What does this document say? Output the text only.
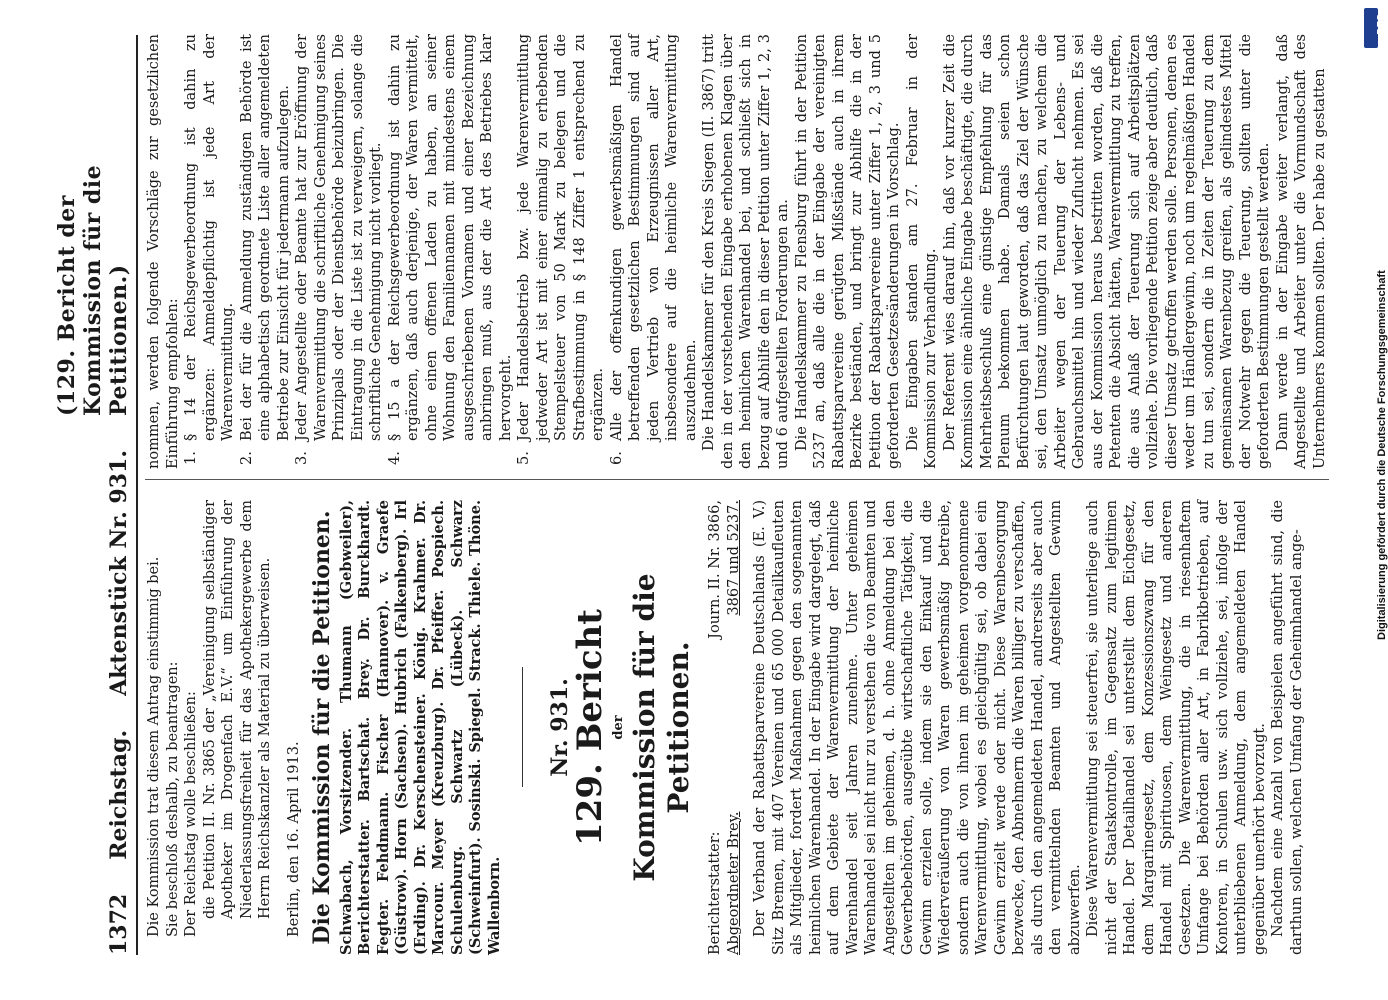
1372
Reichstag.
Aktenstück Nr. 931.
(129. Bericht der Kommission für die Petitionen.)

Die Kommission trat diesem Antrag einstimmig bei. Sie beschloß deshalb, zu beantragen: Der Reichstag wolle beschließen: die Petition II. Nr. 3865 der „Vereinigung selbständiger Apotheker im Drogenfach E.V.“ um Einführung der Niederlassungsfreiheit für das Apothekergewerbe dem Herrn Reichskanzler als Material zu überweisen. Berlin, den 16. April 1913. Die Kommission für die Petitionen. Schwabach, Vorsitzender. Thumann (Gebweiler), Berichterstatter. Bartschat. Brey. Dr. Burckhardt. Fegter. Fehdmann. Fischer (Hannover). v. Graefe (Güstrow). Horn (Sachsen). Hubrich (Falkenberg). Irl (Erding). Dr. Kerschensteiner. König. Krahmer. Dr. Marcour. Meyer (Kreuzburg). Dr. Pfeiffer. Pospiech. Schulenburg. Schwartz (Lübeck). Schwarz (Schweinfurt). Sosinski. Spiegel. Strack. Thiele. Thöne. Wallenborn.

Nr. 931.
129. Bericht der Kommission für die Petitionen.
Berichterstatter: Abgeordneter Brey.
Journ. II. Nr. 3866, 3867 und 5237. Der Verband der Rabattsparvereine Deutschlands (E. V.) Sitz Bremen, mit 407 Vereinen und 65 000 Detailkaufleuten als Mitglieder, fordert Maßnahmen gegen den sogenannten heimlichen Warenhandel. In der Eingabe wird dargelegt, daß auf dem Gebiete der Warenvermittlung der heimliche Warenhandel seit Jahren zunehme. Unter geheimen Warenhandel sei nicht nur zu verstehen die von Beamten und Angestellten im geheimen, d. h. ohne Anmeldung bei den Gewerbebehörden, ausgeübte wirtschaftliche Tätigkeit, die Gewinn erzielen solle, indem sie den Einkauf und die Wiederveräußerung von Waren gewerbsmäßig betreibe, sondern auch die von ihnen im geheimen vorgenommene Warenvermittlung, wobei es gleichgültig sei, ob dabei ein Gewinn erzielt werde oder nicht. Diese Warenbesorgung bezwecke, den Abnehmern die Waren billiger zu verschaffen, als durch den angemeldeten Handel, andrerseits aber auch den vermittelnden Beamten und Angestellten Gewinn abzuwerfen. Diese Warenvermittlung sei steuerfrei, sie unterliege auch nicht der Staatskontrolle, im Gegensatz zum legitimen Handel. Der Detailhandel sei unterstellt dem Eichgesetz, dem Margarinegesetz, dem Konzessionszwang für den Handel mit Spirituosen, dem Weingesetz und anderen Gesetzen. Die Warenvermittlung, die in riesenhaftem Umfange bei Behörden aller Art, in Fabrikbetrieben, auf Kontoren, in Schulen usw. sich vollziehe, sei, infolge der unterbliebenen Anmeldung, dem angemeldeten Handel gegenüber unerhört bevorzugt. Nachdem eine Anzahl von Beispielen angeführt sind, die darthun sollen, welchen Umfang der Geheimhandel ange-

nommen, werden folgende Vorschläge zur gesetzlichen Einführung empfohlen: 1.
§ 14 der Reichsgewerbeordnung ist dahin zu ergänzen: Anmeldepflichtig ist jede Art der Warenvermittlung.
2.
Bei der für die Anmeldung zuständigen Behörde ist eine alphabetisch geordnete Liste aller angemeldeten Betriebe zur Einsicht für jedermann aufzulegen.
3.
Jeder Angestellte oder Beamte hat zur Eröffnung der Warenvermittlung die schriftliche Genehmigung seines Prinzipals oder der Dienstbehörde beizubringen. Die Eintragung in die Liste ist zu verweigern, solange die schriftliche Genehmigung nicht vorliegt.
4.
§ 15 a der Reichsgewerbeordnung ist dahin zu ergänzen, daß auch derjenige, der Waren vermittelt, ohne einen offenen Laden zu haben, an seiner Wohnung den Familiennamen mit mindestens einem ausgeschriebenen Vornamen und einer Bezeichnung anbringen muß, aus der die Art des Betriebes klar hervorgeht.
5.
Jeder Handelsbetrieb bzw. jede Warenvermittlung jedweder Art ist mit einer einmalig zu erhebenden Stempelsteuer von 50 Mark zu belegen und die Strafbestimmung in § 148 Ziffer 1 entsprechend zu ergänzen.
6.
Alle der offenkundigen gewerbsmäßigen Handel betreffenden gesetzlichen Bestimmungen sind auf jeden Vertrieb von Erzeugnissen aller Art, insbesondere auf die heimliche Warenvermittlung auszudehnen. Die Handelskammer für den Kreis Siegen (II. 3867) tritt den in der vorstehenden Eingabe erhobenen Klagen über den heimlichen Warenhandel bei, und schließt sich in bezug auf Abhilfe den in dieser Petition unter Ziffer 1, 2, 3 und 6 aufgestellten Forderungen an. Die Handelskammer zu Flensburg führt in der Petition 5237 an, daß alle die in der Eingabe der vereinigten Rabattsparvereine gerügten Mißstände auch in ihrem Bezirke beständen, und bringt zur Abhilfe die in der Petition der Rabattsparvereine unter Ziffer 1, 2, 3 und 5 geforderten Gesetzesänderungen in Vorschlag. Die Eingaben standen am 27. Februar in der Kommission zur Verhandlung. Der Referent wies darauf hin, daß vor kurzer Zeit die Kommission eine ähnliche Eingabe beschäftigte, die durch Mehrheitsbeschluß eine günstige Empfehlung für das Plenum bekommen habe. Damals seien schon Befürchtungen laut geworden, daß das Ziel der Wünsche sei, den Umsatz unmöglich zu machen, zu welchem die Arbeiter wegen der Teuerung der Lebens- und Gebrauchsmittel hin und wieder Zuflucht nehmen. Es sei aus der Kommission heraus bestritten worden, daß die Petenten die Absicht hätten, Warenvermittlung zu treffen, die aus Anlaß der Teuerung sich auf Arbeitsplätzen vollziehe. Die vorliegende Petition zeige aber deutlich, daß dieser Umsatz getroffen werden solle. Personen, denen es weder um Händlergewinn, noch um regelmäßigen Handel zu tun sei, sondern die in Zeiten der Teuerung zu dem gemeinsamen Warenbezug greifen, als gelindestes Mittel der Notwehr gegen die Teuerung, sollten unter die geforderten Bestimmungen gestellt werden. Dann werde in der Eingabe weiter verlangt, daß Angestellte und Arbeiter unter die Vormundschaft des Unternehmers kommen sollten. Der habe zu gestatten

DFG
Digitalisierung gefördert durch die Deutsche Forschungsgemeinschaft
